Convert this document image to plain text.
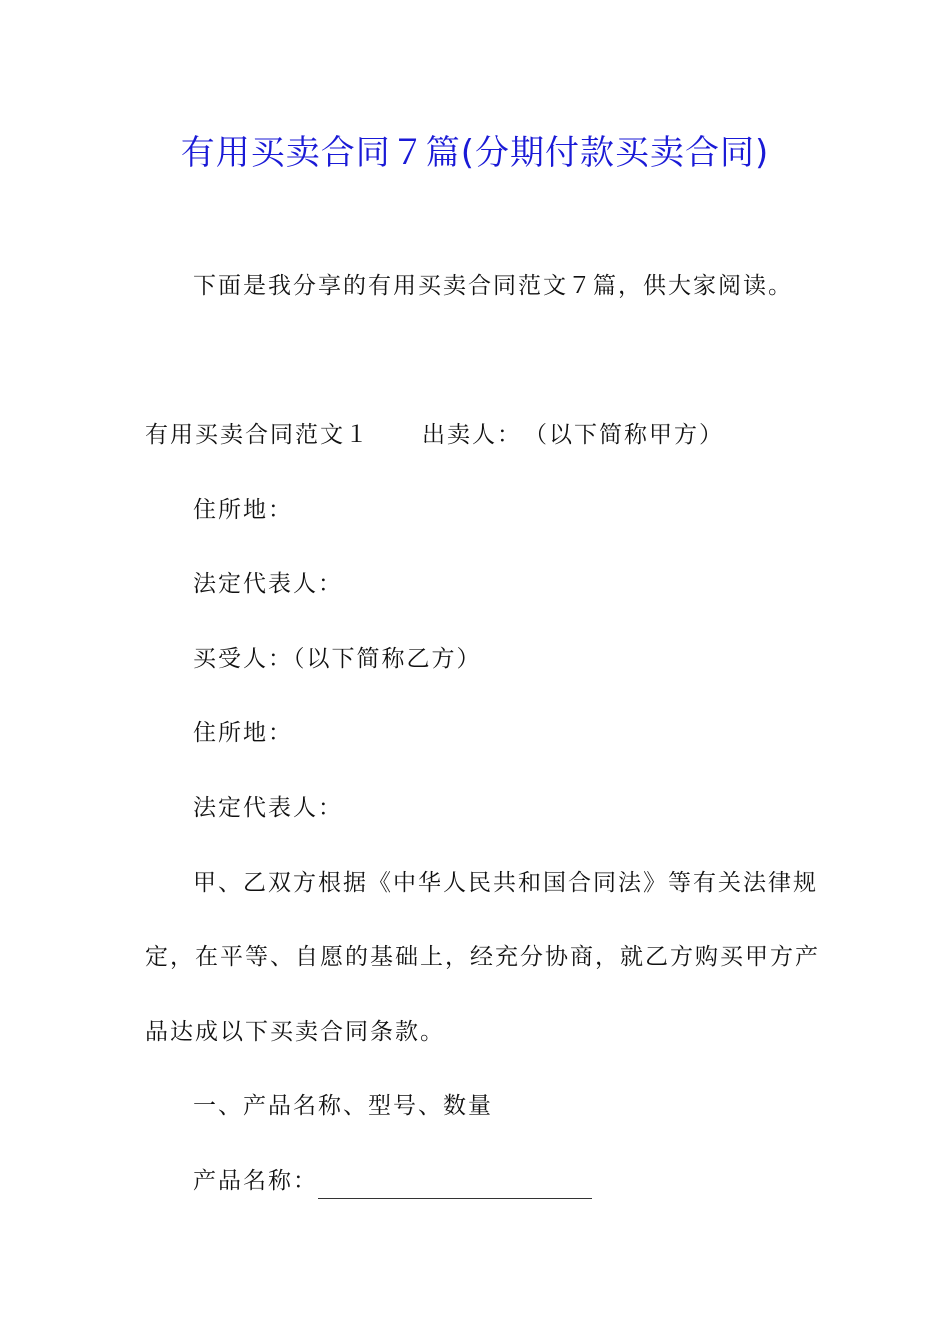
有用买卖合同７篇(分期付款买卖合同)
下面是我分享的有用买卖合同范文７篇，供大家阅读。
有用买卖合同范文１ 出卖人：　（以下简称甲方）
住所地：
法定代表人：
买受人：（以下简称乙方）
住所地：
法定代表人：
甲、乙双方根据《中华人民共和国合同法》等有关法律规
定，在平等、自愿的基础上，经充分协商，就乙方购买甲方产
品达成以下买卖合同条款。
一、产品名称、型号、数量
产品名称：
